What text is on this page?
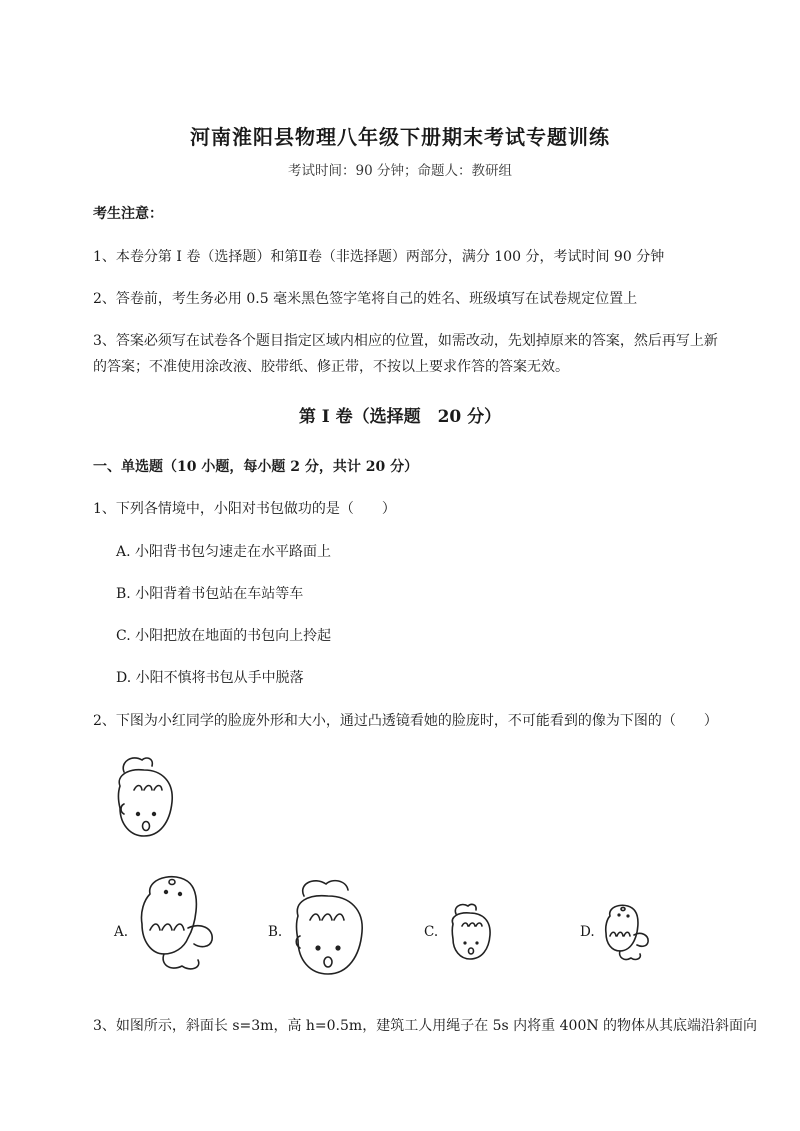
河南淮阳县物理八年级下册期末考试专题训练
考试时间：90 分钟；命题人：教研组
考生注意：
1、本卷分第 I 卷（选择题）和第Ⅱ卷（非选择题）两部分，满分 100 分，考试时间 90 分钟
2、答卷前，考生务必用 0.5 毫米黑色签字笔将自己的姓名、班级填写在试卷规定位置上
3、答案必须写在试卷各个题目指定区域内相应的位置，如需改动，先划掉原来的答案，然后再写上新
的答案；不准使用涂改液、胶带纸、修正带，不按以上要求作答的答案无效。
第 I 卷（选择题　20 分）
一、单选题（10 小题，每小题 2 分，共计 20 分）
1、下列各情境中，小阳对书包做功的是（　　）
A. 小阳背书包匀速走在水平路面上
B. 小阳背着书包站在车站等车
C. 小阳把放在地面的书包向上拎起
D. 小阳不慎将书包从手中脱落
2、下图为小红同学的脸庞外形和大小，通过凸透镜看她的脸庞时，不可能看到的像为下图的（　　）
A.	B.	C.	D.
3、如图所示，斜面长 s=3m，高 h=0.5m，建筑工人用绳子在 5s 内将重 400N 的物体从其底端沿斜面向
